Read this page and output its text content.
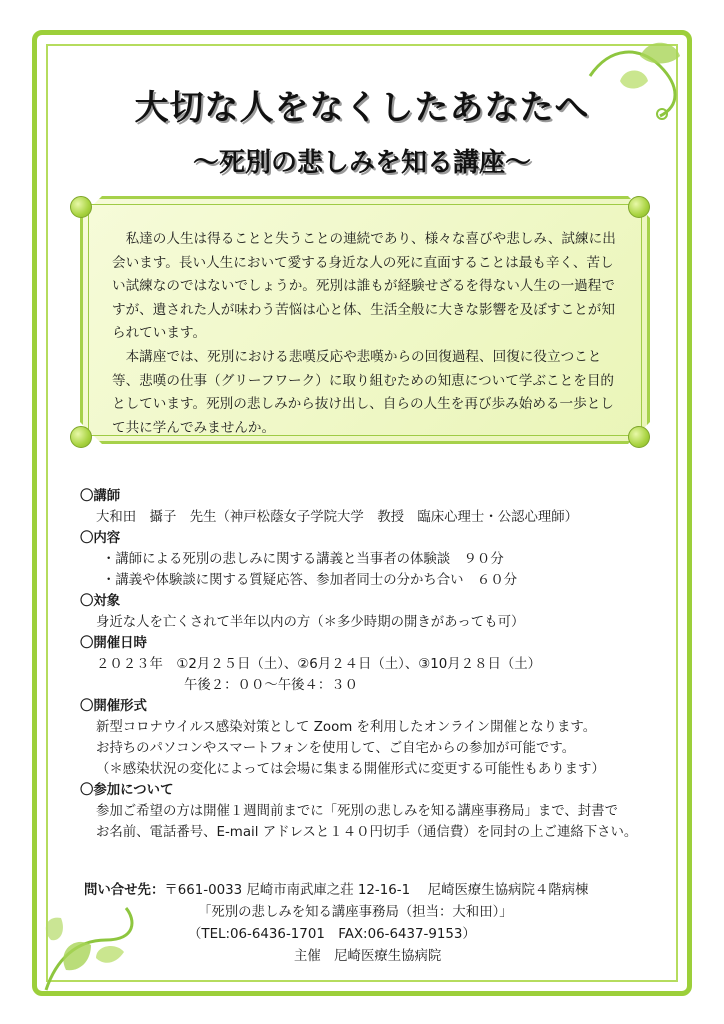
大切な人をなくしたあなたへ
～死別の悲しみを知る講座～

私達の人生は得ることと失うことの連続であり、様々な喜びや悲しみ、試練に出会います。長い人生において愛する身近な人の死に直面することは最も辛く、苦しい試練なのではないでしょうか。死別は誰もが経験せざるを得ない人生の一過程ですが、遺された人が味わう苦悩は心と体、生活全般に大きな影響を及ぼすことが知られています。

本講座では、死別における悲嘆反応や悲嘆からの回復過程、回復に役立つこと等、悲嘆の仕事（グリーフワーク）に取り組むための知恵について学ぶことを目的としています。死別の悲しみから抜け出し、自らの人生を再び歩み始める一歩として共に学んでみませんか。

〇講師
大和田　攝子　先生（神戸松蔭女子学院大学　教授　臨床心理士・公認心理師）
〇内容
・講師による死別の悲しみに関する講義と当事者の体験談　９０分
・講義や体験談に関する質疑応答、参加者同士の分かち合い　６０分
〇対象
身近な人を亡くされて半年以内の方（＊多少時期の開きがあっても可）
〇開催日時
２０２３年　①2月２５日（土）、②6月２４日（土）、③10月２８日（土）
午後２：００～午後４：３０
〇開催形式
新型コロナウイルス感染対策として Zoom を利用したオンライン開催となります。
お持ちのパソコンやスマートフォンを使用して、ご自宅からの参加が可能です。
（＊感染状況の変化によっては会場に集まる開催形式に変更する可能性もあります）
〇参加について
参加ご希望の方は開催１週間前までに「死別の悲しみを知る講座事務局」まで、封書で
お名前、電話番号、E-mail アドレスと１４０円切手（通信費）を同封の上ご連絡下さい。
問い合せ先：〒661-0033 尼崎市南武庫之荘 12-16-1　 尼崎医療生協病院４階病棟
「死別の悲しみを知る講座事務局（担当：大和田）」
（TEL:06-6436-1701　FAX:06-6437-9153）
主催　尼崎医療生協病院
